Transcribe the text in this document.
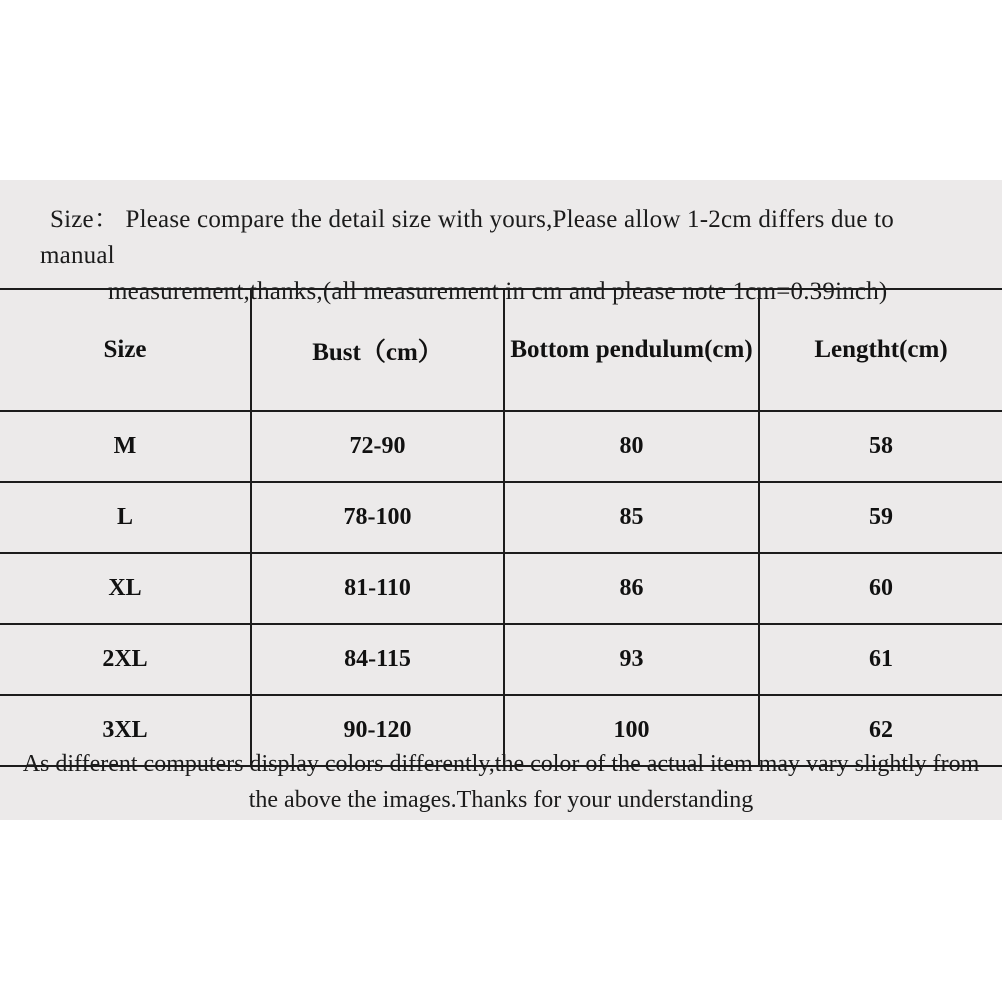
Size： Please compare the detail size with yours,Please allow 1-2cm differs due to manual
measurement,thanks,(all measurement in cm and please note 1cm=0.39inch)
Size	Bust（cm）	Bottom pendulum(cm)	Lengtht(cm)
M	72-90	80	58
L	78-100	85	59
XL	81-110	86	60
2XL	84-115	93	61
3XL	90-120	100	62
As different computers display colors differently,the color of the actual item may vary slightly from
the above the images.Thanks for your understanding
